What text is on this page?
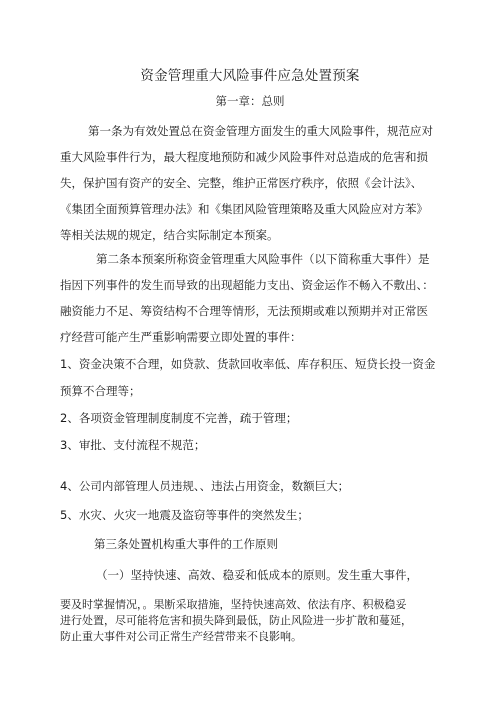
资金管理重大风险事件应急处置预案
第一章：总则
第一条为有效处置总在资金管理方面发生的重大风险事件，规范应对
重大风险事件行为，最大程度地预防和减少风险事件对总造成的危害和损
失，保护国有资产的安全、完整，维护正常医疗秩序，依照《会计法》、
《集团全面预算管理办法》和《集团风险管理策略及重大风险应对方苯》
等相关法规的规定，结合实际制定本预案。
第二条本预案所称资金管理重大风险事件（以下简称重大事件）是
指因下列事件的发生而导致的出现超能力支出、资金运作不畅入不敷出、：
融资能力不足、筹资结构不合理等情形，无法预期或难以预期并对正常医
疗经营可能产生严重影响需要立即处置的事件：
1、资金决策不合理，如贷款、货款回收率低、库存积压、短贷长投一资金
预算不合理等；
2、各项资金管理制度制度不完善，疏于管理；
3、审批、支付流程不规范；
4、公司内部管理人员违规、、违法占用资金，数额巨大；
5、水灾、火灾一地震及盗窃等事件的突然发生；
第三条处置机构重大事件的工作原则
（一）坚持快速、高效、稳妥和低成本的原则。发生重大事件，
要及时掌握情况，。果断采取措施，坚持快速高效、依法有序、积极稳妥
进行处置，尽可能将危害和损失降到最低，防止风险进一步扩散和蔓延，
防止重大事件对公司正常生产经营带来不良影响。
